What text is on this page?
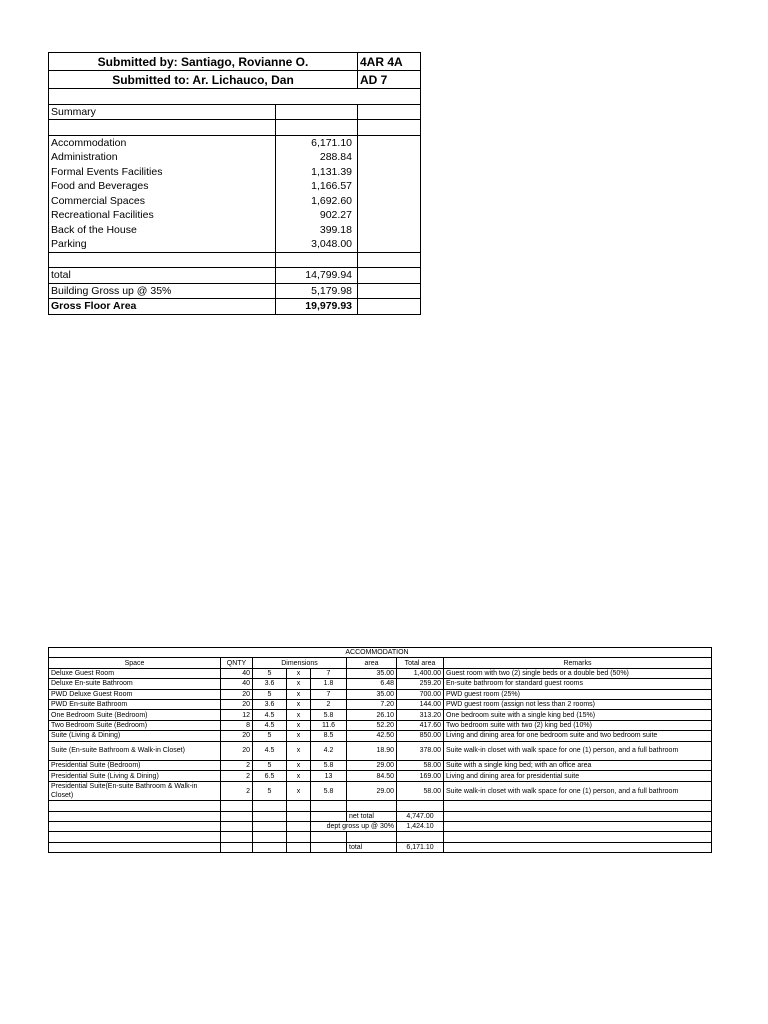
Submitted by: Santiago, Rovianne O.		4AR 4A
Submitted to: Ar. Lichauco, Dan		AD 7

Summary		

Accommodation	6,171.10	
Administration	288.84	
Formal Events Facilities	1,131.39	
Food and Beverages	1,166.57	
Commercial Spaces	1,692.60	
Recreational Facilities	902.27	
Back of the House	399.18	
Parking	3,048.00	

total	14,799.94	
Building Gross up @ 35%	5,179.98	
Gross Floor Area	19,979.93	
				ACCOMMODATION			
Space	QNTY	Dimensions			area	Total area	Remarks
Deluxe Guest Room	40	5	x	7	35.00	1,400.00	Guest room with two (2) single beds or a double bed (50%)
Deluxe En-suite Bathroom	40	3.6	x	1.8	6.48	259.20	En-suite bathroom for standard guest rooms
PWD Deluxe Guest Room	20	5	x	7	35.00	700.00	PWD guest room (25%)
PWD En-suite Bathroom	20	3.6	x	2	7.20	144.00	PWD guest room (assign not less than 2 rooms)
One Bedroom Suite (Bedroom)	12	4.5	x	5.8	26.10	313.20	One bedroom suite with a single king bed (15%)
Two Bedroom Suite (Bedroom)	8	4.5	x	11.6	52.20	417.60	Two bedroom suite with two (2) king bed (10%)
Suite (Living & Dining)	20	5	x	8.5	42.50	850.00	Living and dining area for one bedroom suite and two bedroom suite
Suite (En-suite Bathroom & Walk-in Closet)	20	4.5	x	4.2	18.90	378.00	Suite walk-in closet with walk space for one (1) person, and a full bathroom
Presidential Suite (Bedroom)	2	5	x	5.8	29.00	58.00	Suite with a single king bed; with an office area
Presidential Suite (Living & Dining)	2	6.5	x	13	84.50	169.00	Living and dining area for presidential suite
Presidential Suite(En-suite Bathroom & Walk-in Closet)	2	5	x	5.8	29.00	58.00	Suite walk-in closet with walk space for one (1) person, and a full bathroom

					net total	4,747.00	
				dept gross up @ 30%		1,424.10	

					total	6,171.10	
